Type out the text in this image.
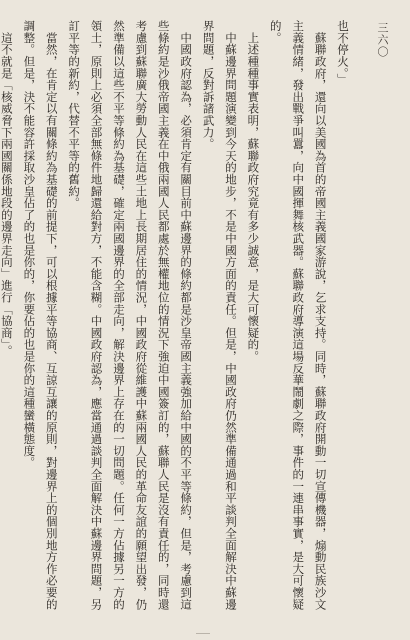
三六〇

也不停火。」

　蘇聯政府，還向以美國為首的帝國主義國家游說，乞求支持。同時，蘇聯政府開動一切宣傳機器，煽動民族沙文主義情緒，發出戰爭叫囂，向中國揮舞核武器。蘇聯政府導演這場反華鬧劇之際，事件的一連串事實，是大可懷疑的。

　上述種種事實表明，蘇聯政府究竟有多少誠意，是大可懷疑的。

　中蘇邊界問題演變到今天的地步，不是中國方面的責任。但是，中國政府仍然準備通過和平談判全面解決中蘇邊界問題，反對訴諸武力。

　中國政府認為，必須肯定有關目前中蘇邊界的條約都是沙皇帝國主義強加給中國的不平等條約，但是，考慮到這些條約是沙俄帝國主義在中俄兩國人民都處於無權地位的情況下強迫中國簽訂的，蘇聯人民是沒有責任的，同時還考慮到蘇聯廣大勞動人民在這些土地上長期居住的情況，中國政府從維護中蘇兩國人民的革命友誼的願望出發，仍然準備以這些不平等條約為基礎，確定兩國邊界的全部走向，解決邊界上存在的一切問題。任何一方佔據另一方的領土，原則上必須全部無條件地歸還給對方，不能含糊。中國政府認為，應當通過談判全面解決中蘇邊界問題，另訂平等的新約，代替不平等的舊約。

　當然，在肯定以有關條約為基礎的前提下，可以根據平等協商、互諒互讓的原則，對邊界上的個別地方作必要的調整。但是，決不能容許採取沙皇佔了的也是你的，你要佔的也是你的這種蠻橫態度。

　這不就是「核威脅下兩國關係地段的邊界走向」進行「協商」。
